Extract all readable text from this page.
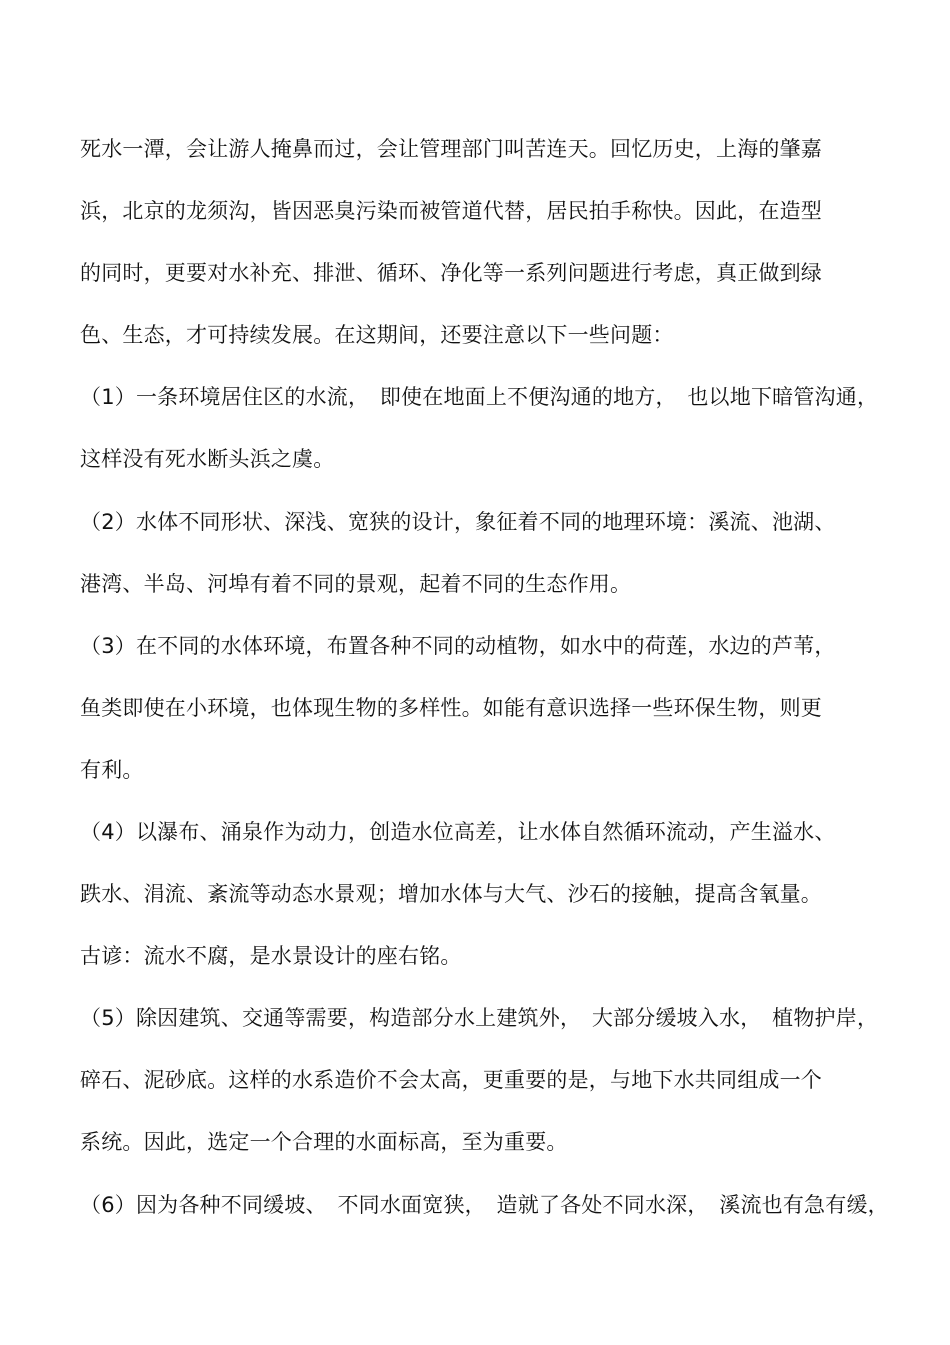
死水一潭，会让游人掩鼻而过，会让管理部门叫苦连天。回忆历史，上海的肇嘉

浜，北京的龙须沟，皆因恶臭污染而被管道代替，居民拍手称快。因此，在造型

的同时，更要对水补充、排泄、循环、净化等一系列问题进行考虑，真正做到绿

色、生态，才可持续发展。在这期间，还要注意以下一些问题：

（1）一条环境居住区的水流，　即使在地面上不便沟通的地方，　也以地下暗管沟通，

这样没有死水断头浜之虞。

（2）水体不同形状、深浅、宽狭的设计，象征着不同的地理环境：溪流、池湖、

港湾、半岛、河埠有着不同的景观，起着不同的生态作用。

（3）在不同的水体环境，布置各种不同的动植物，如水中的荷莲，水边的芦苇，

鱼类即使在小环境，也体现生物的多样性。如能有意识选择一些环保生物，则更

有利。

（4）以瀑布、涌泉作为动力，创造水位高差，让水体自然循环流动，产生溢水、

跌水、涓流、紊流等动态水景观；增加水体与大气、沙石的接触，提高含氧量。

古谚：流水不腐，是水景设计的座右铭。

（5）除因建筑、交通等需要，构造部分水上建筑外，　大部分缓坡入水，　植物护岸，

碎石、泥砂底。这样的水系造价不会太高，更重要的是，与地下水共同组成一个

系统。因此，选定一个合理的水面标高，至为重要。

（6）因为各种不同缓坡、　不同水面宽狭，　造就了各处不同水深，　溪流也有急有缓，
